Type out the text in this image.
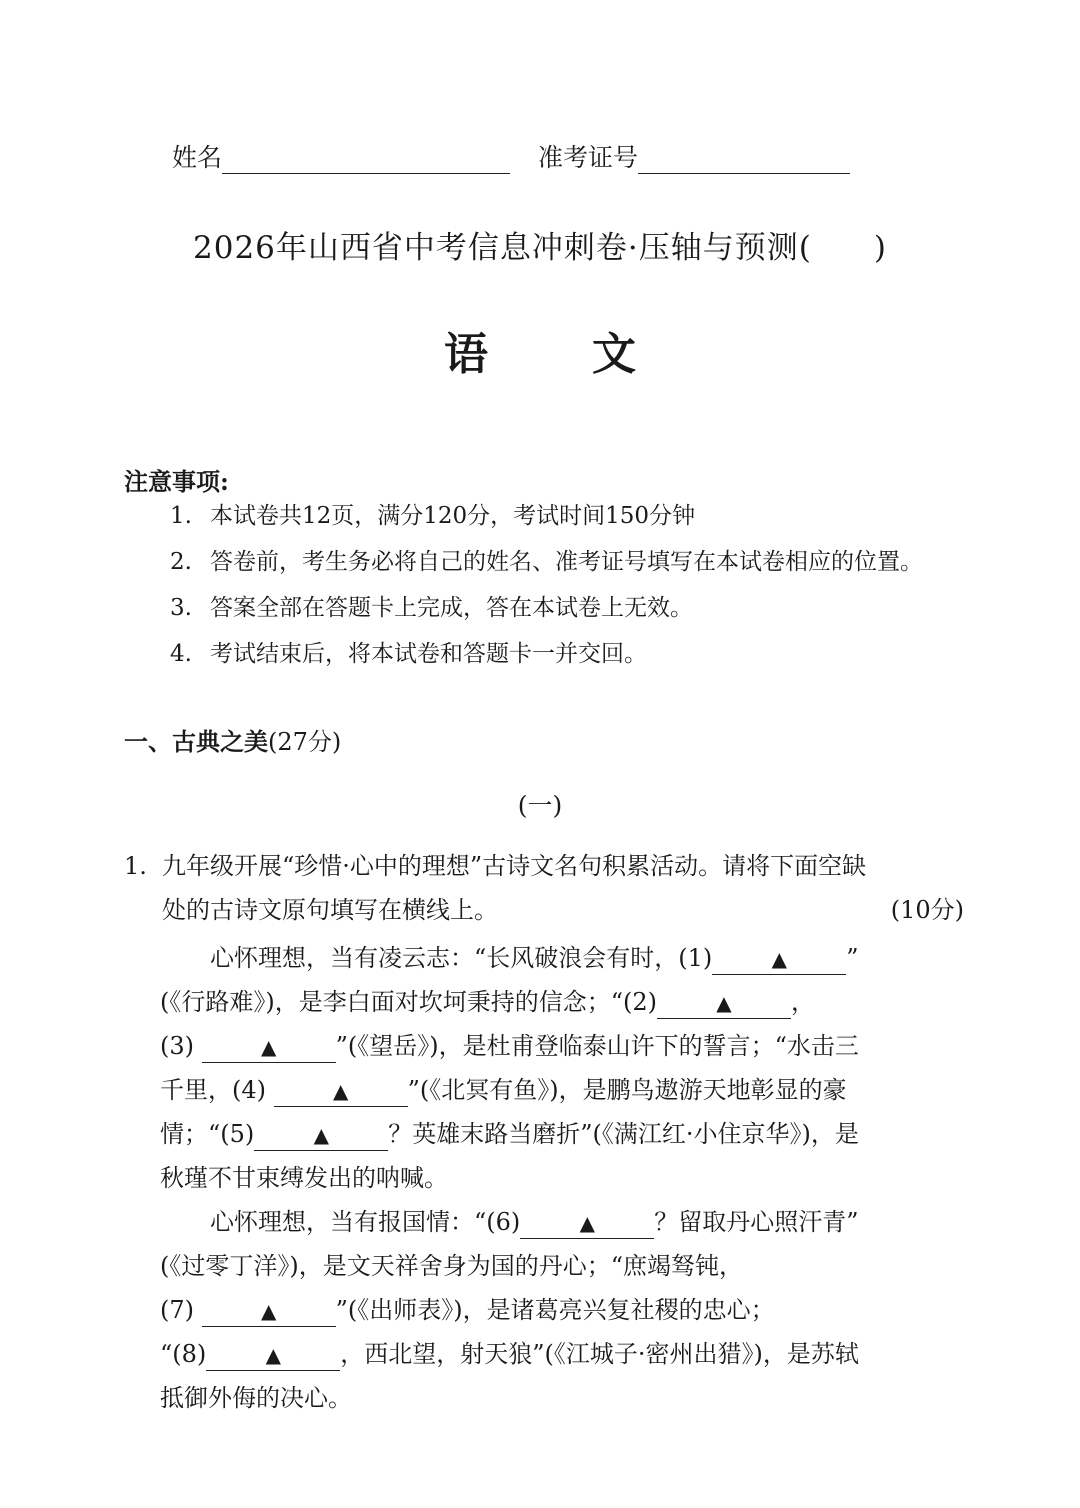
姓名	准考证号
2026年山西省中考信息冲刺卷·压轴与预测( )
语 文
注意事项:
1. 本试卷共12页，满分120分，考试时间150分钟
2. 答卷前，考生务必将自己的姓名、准考证号填写在本试卷相应的位置。
3. 答案全部在答题卡上完成，答在本试卷上无效。
4. 考试结束后，将本试卷和答题卡一并交回。
一、古典之美(27分)
(一)
1. 九年级开展“珍惜·心中的理想”古诗文名句积累活动。请将下面空缺
处的古诗文原句填写在横线上。	(10分)
心怀理想，当有凌云志：“长风破浪会有时，(1)	▲	”
(《行路难》)，是李白面对坎坷秉持的信念；“(2)	▲	，
(3)
	▲	”(《望岳》)，是杜甫登临泰山许下的誓言；“水击三
千里，(4)
	▲	”(《北冥有鱼》)，是鹏鸟遨游天地彰显的豪
情；“(5)	▲	？英雄末路当磨折”(《满江红·小住京华》)，是
秋瑾不甘束缚发出的呐喊。
心怀理想，当有报国情：“(6)	▲	？留取丹心照汗青”
(《过零丁洋》)，是文天祥舍身为国的丹心；“庶竭驽钝，
(7)
	▲	”(《出师表》)，是诸葛亮兴复社稷的忠心；
“(8)	▲	，西北望，射天狼”(《江城子·密州出猎》)，是苏轼
抵御外侮的决心。
